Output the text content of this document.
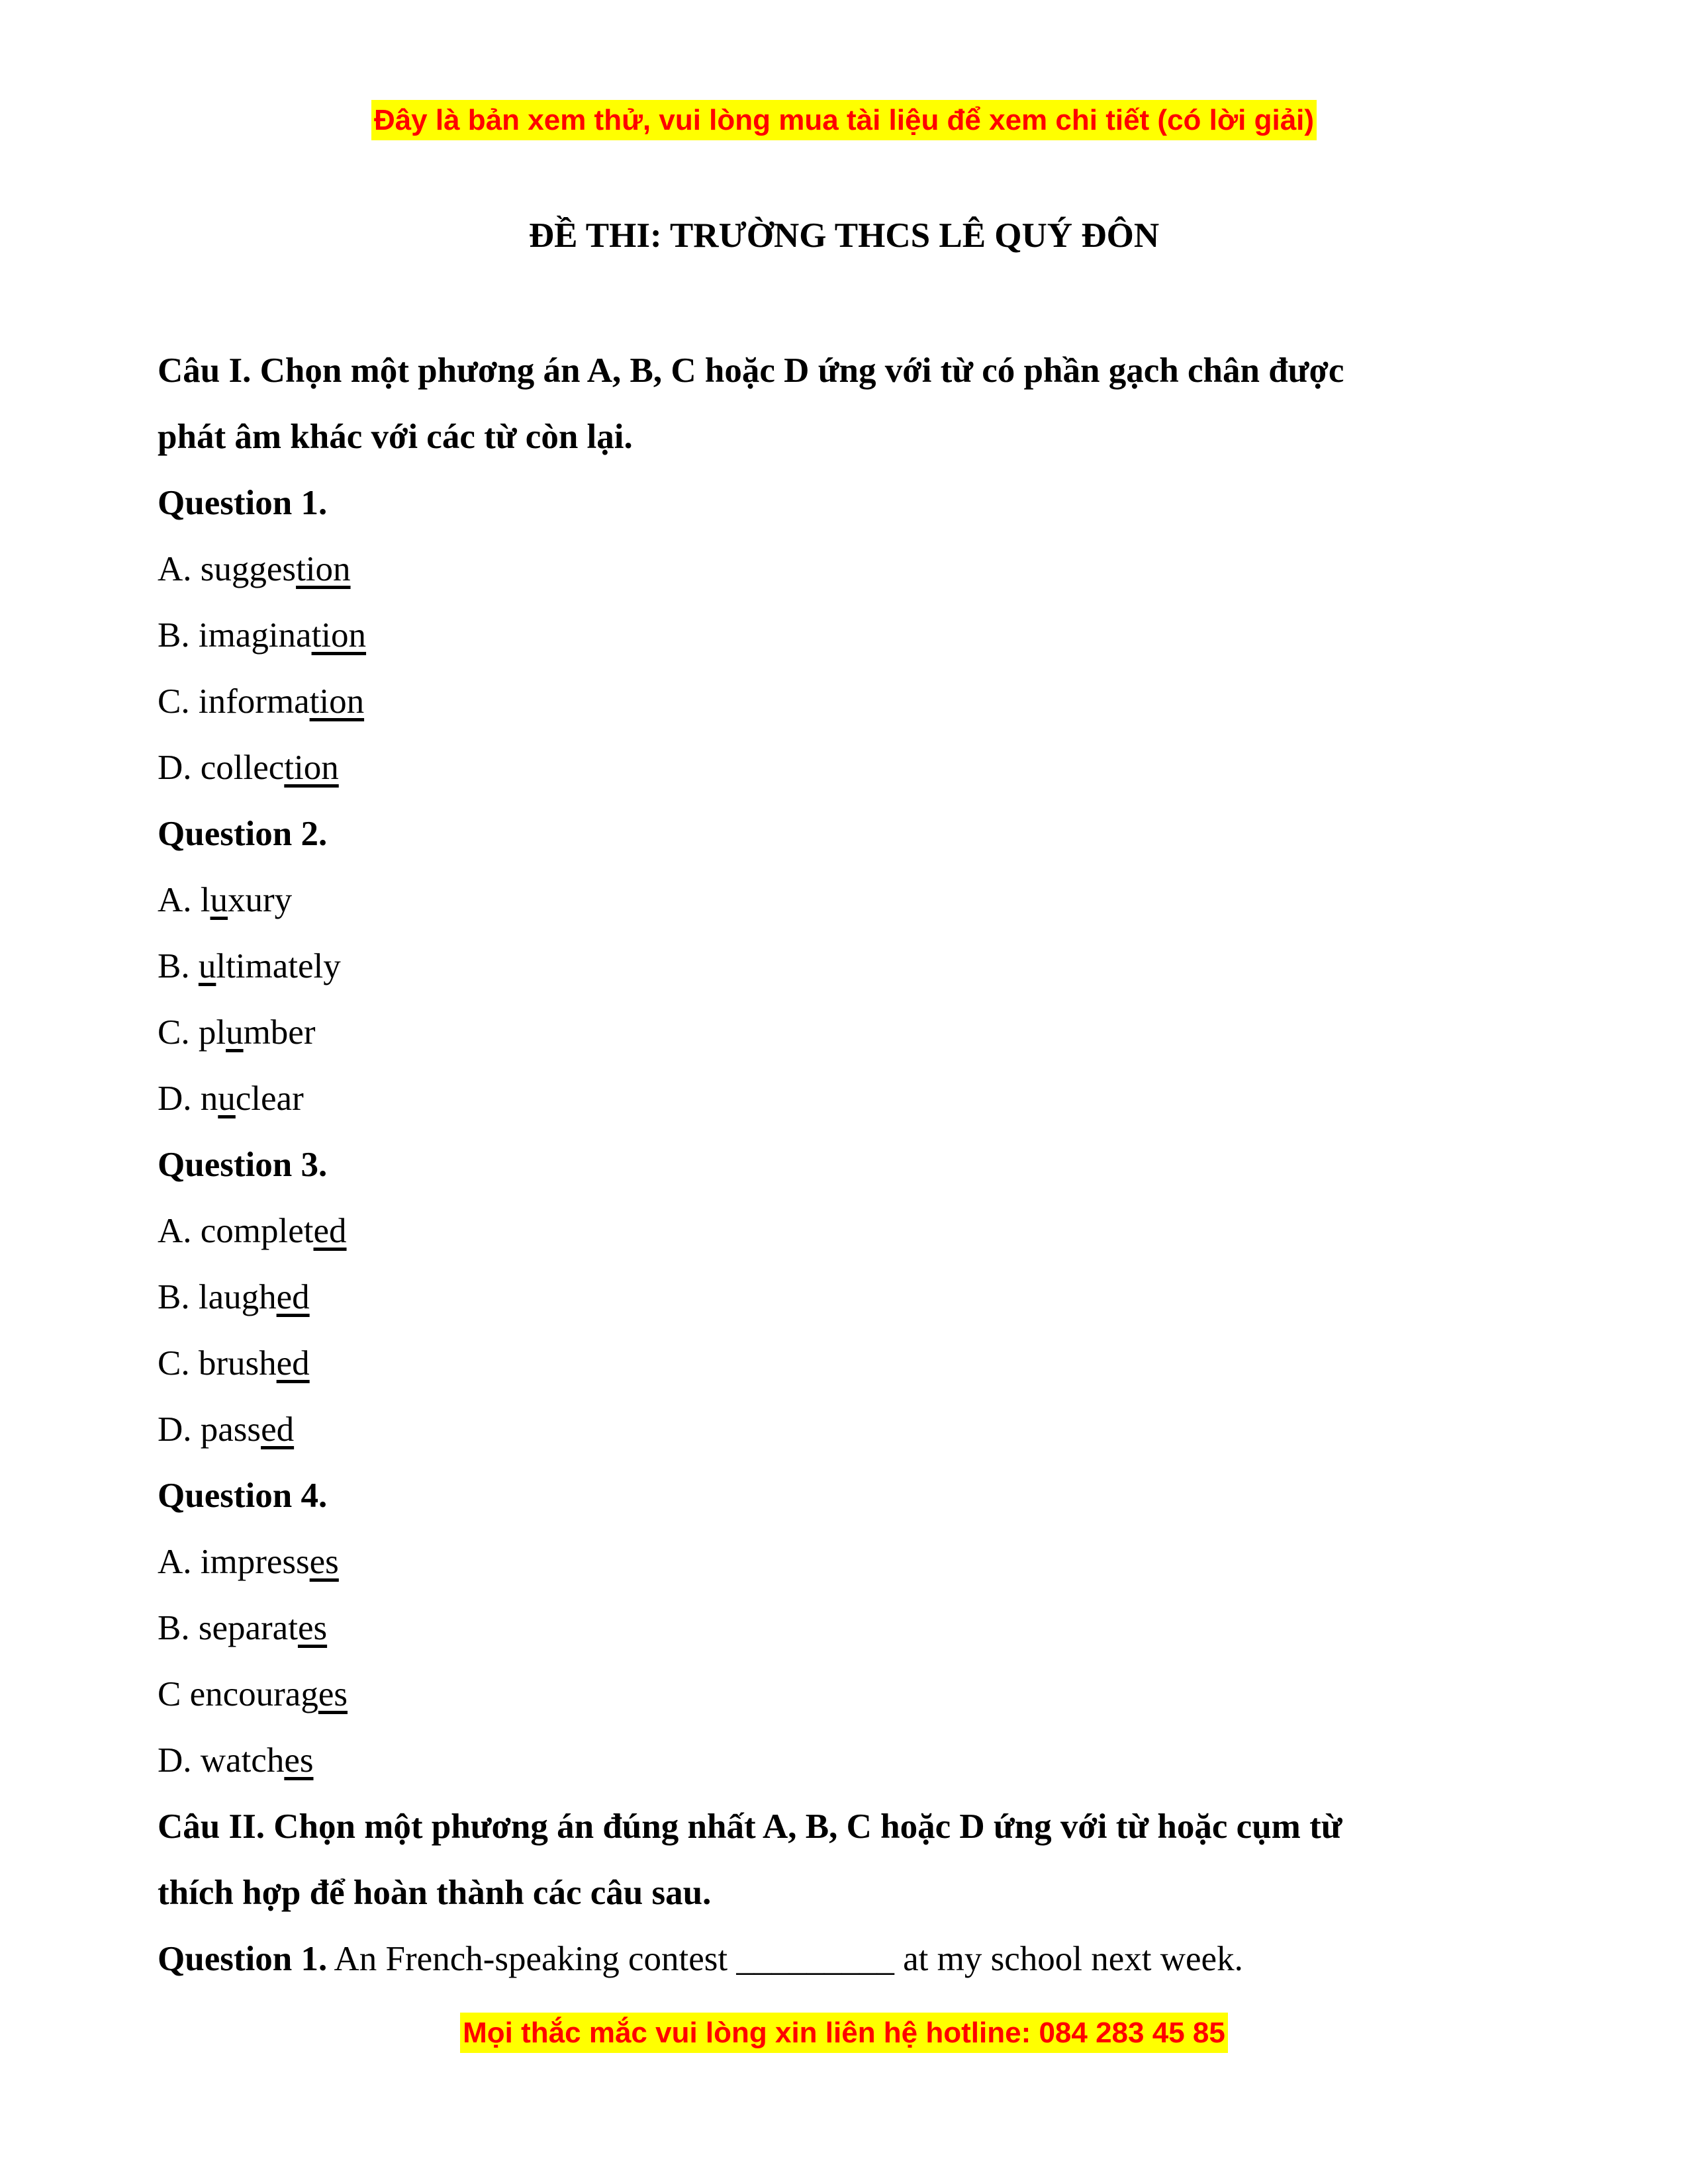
Đây là bản xem thử, vui lòng mua tài liệu để xem chi tiết (có lời giải)
ĐỀ THI: TRƯỜNG THCS LÊ QUÝ ĐÔN
Câu I. Chọn một phương án A, B, C hoặc D ứng với từ có phần gạch chân được
phát âm khác với các từ còn lại.
Question 1.
A. suggestion
B. imagination
C. information
D. collection
Question 2.
A. luxury
B. ultimately
C. plumber
D. nuclear
Question 3.
A. completed
B. laughed
C. brushed
D. passed
Question 4.
A. impresses
B. separates
C encourages
D. watches
Câu II. Chọn một phương án đúng nhất A, B, C hoặc D ứng với từ hoặc cụm từ
thích hợp để hoàn thành các câu sau.
Question 1. An French-speaking contest _________ at my school next week.
Mọi thắc mắc vui lòng xin liên hệ hotline: 084 283 45 85
